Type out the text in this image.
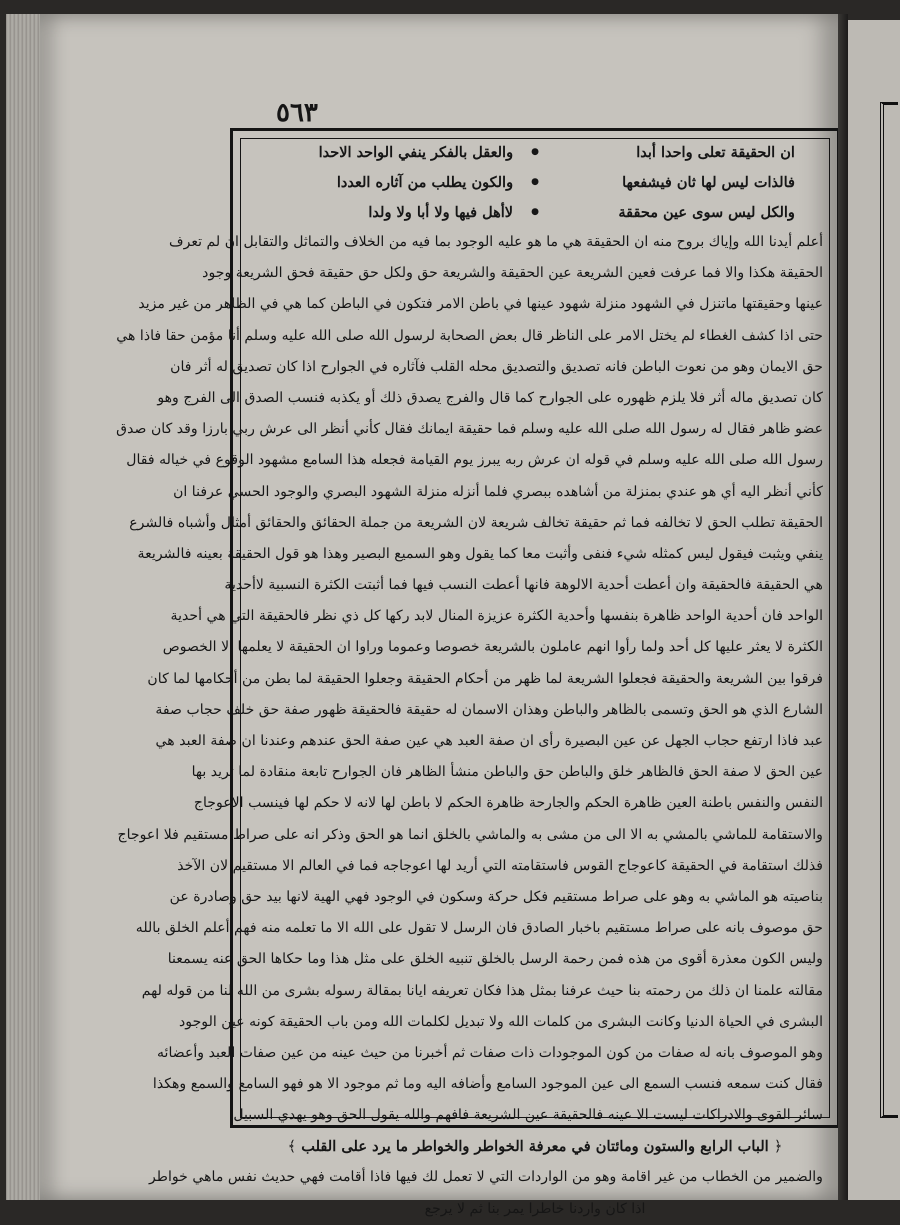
٥٦٣
ان الحقيقة تعلى واحدا أبدا
●
والعقل بالفكر ينفي الواحد الاحدا
فالذات ليس لها ثان فيشفعها
●
والكون يطلب من آثاره العددا
والكل ليس سوى عين محققة
●
لاأهل فيها ولا أبا ولا ولدا
أعلم أيدنا الله وإياك بروح منه ان الحقيقة هي ما هو عليه الوجود بما فيه من الخلاف والتماثل والتقابل ان لم تعرف
الحقيقة هكذا والا فما عرفت فعين الشريعة عين الحقيقة والشريعة حق ولكل حق حقيقة فحق الشريعة وجود
عينها وحقيقتها ماتنزل في الشهود منزلة شهود عينها في باطن الامر فتكون في الباطن كما هي في الظاهر من غير مزيد
حتى اذا كشف الغطاء لم يختل الامر على الناظر قال بعض الصحابة لرسول الله صلى الله عليه وسلم أنا مؤمن حقا فاذا هي
حق الايمان وهو من نعوت الباطن فانه تصديق والتصديق محله القلب فآثاره في الجوارح اذا كان تصديق له أثر فان
كان تصديق ماله أثر فلا يلزم ظهوره على الجوارح كما قال والفرج يصدق ذلك أو يكذبه فنسب الصدق الى الفرج وهو
عضو ظاهر فقال له رسول الله صلى الله عليه وسلم فما حقيقة ايمانك فقال كأني أنظر الى عرش ربي بارزا وقد كان صدق
رسول الله صلى الله عليه وسلم في قوله ان عرش ربه يبرز يوم القيامة فجعله هذا السامع مشهود الوقوع في خياله فقال
كأني أنظر اليه أي هو عندي بمنزلة من أشاهده ببصري فلما أنزله منزلة الشهود البصري والوجود الحسي عرفنا ان
الحقيقة تطلب الحق لا تخالفه فما ثم حقيقة تخالف شريعة لان الشريعة من جملة الحقائق والحقائق أمثال وأشباه فالشرع
ينفي ويثبت فيقول ليس كمثله شيء فنفى وأثبت معا كما يقول وهو السميع البصير وهذا هو قول الحقيقة بعينه فالشريعة
هي الحقيقة فالحقيقة وان أعطت أحدية الالوهة فانها أعطت النسب فيها فما أثبتت الكثرة النسبية لاأحدية
الواحد فان أحدية الواحد ظاهرة بنفسها وأحدية الكثرة عزيزة المنال لابد ركها كل ذي نظر فالحقيقة التي هي أحدية
الكثرة لا يعثر عليها كل أحد ولما رأوا انهم عاملون بالشريعة خصوصا وعموما وراوا ان الحقيقة لا يعلمها الا الخصوص
فرقوا بين الشريعة والحقيقة فجعلوا الشريعة لما ظهر من أحكام الحقيقة وجعلوا الحقيقة لما بطن من أحكامها لما كان
الشارع الذي هو الحق وتسمى بالظاهر والباطن وهذان الاسمان له حقيقة فالحقيقة ظهور صفة حق خلف حجاب صفة
عبد فاذا ارتفع حجاب الجهل عن عين البصيرة رأى ان صفة العبد هي عين صفة الحق عندهم وعندنا ان صفة العبد هي
عين الحق لا صفة الحق فالظاهر خلق والباطن حق والباطن منشأ الظاهر فان الجوارح تابعة منقادة لما تريد بها
النفس والنفس باطنة العين ظاهرة الحكم والجارحة ظاهرة الحكم لا باطن لها لانه لا حكم لها فينسب الاعوجاج
والاستقامة للماشي بالمشي به الا الى من مشى به والماشي بالخلق انما هو الحق وذكر انه على صراط مستقيم فلا اعوجاج
فذلك استقامة في الحقيقة كاعوجاج القوس فاستقامته التي أريد لها اعوجاجه فما في العالم الا مستقيم لان الآخذ
بناصيته هو الماشي به وهو على صراط مستقيم فكل حركة وسكون في الوجود فهي الهية لانها بيد حق وصادرة عن
حق موصوف بانه على صراط مستقيم باخبار الصادق فان الرسل لا تقول على الله الا ما تعلمه منه فهم أعلم الخلق بالله
وليس الكون معذرة أقوى من هذه فمن رحمة الرسل بالخلق تنبيه الخلق على مثل هذا وما حكاها الحق عنه يسمعنا
مقالته علمنا ان ذلك من رحمته بنا حيث عرفنا بمثل هذا فكان تعريفه ايانا بمقالة رسوله بشرى من الله لنا من قوله لهم
البشرى في الحياة الدنيا وكانت البشرى من كلمات الله ولا تبديل لكلمات الله ومن باب الحقيقة كونه عين الوجود
وهو الموصوف بانه له صفات من كون الموجودات ذات صفات ثم أخبرنا من حيث عينه من عين صفات العبد وأعضائه
فقال كنت سمعه فنسب السمع الى عين الموجود السامع وأضافه اليه وما ثم موجود الا هو فهو السامع والسمع وهكذا
سائر القوى والادراكات ليست الا عينه فالحقيقة عين الشريعة فافهم والله يقول الحق وهو يهدي السبيل
﴿ الباب الرابع والستون ومائتان في معرفة الخواطر والخواطر ما يرد على القلب ﴾
والضمير من الخطاب من غير اقامة وهو من الواردات التي لا تعمل لك فيها فاذا أقامت فهي حديث نفس ماهي خواطر
اذا كان واردنا خاطرا يمر بنا ثم لا يرجع
